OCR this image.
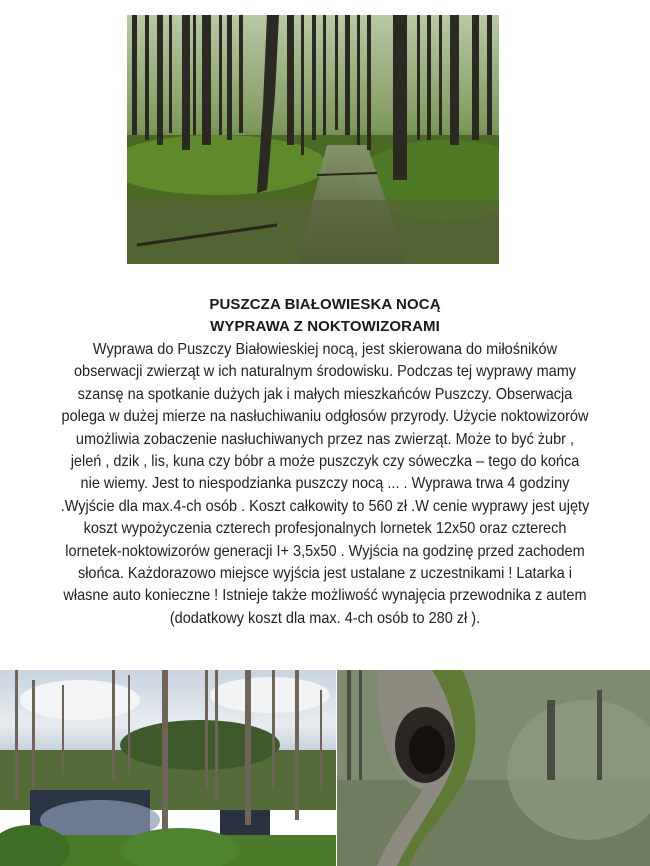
PUSZCZA BIAŁOWIESKA NOCĄ
WYPRAWA Z NOKTOWIZORAMI
Wyprawa do Puszczy Białowieskiej nocą, jest skierowana do miłośników
obserwacji zwierząt w ich naturalnym środowisku. Podczas tej wyprawy mamy
szansę na spotkanie dużych jak i małych mieszkańców Puszczy. Obserwacja
polega w dużej mierze na nasłuchiwaniu odgłosów przyrody. Użycie noktowizorów
umożliwia zobaczenie nasłuchiwanych przez nas zwierząt. Może to być żubr ,
jeleń , dzik , lis, kuna czy bóbr a może puszczyk czy sóweczka – tego do końca
nie wiemy. Jest to niespodzianka puszczy nocą ... . Wyprawa trwa 4 godziny
.Wyjście dla max.4-ch osób . Koszt całkowity to 560 zł .W cenie wyprawy jest ujęty
koszt wypożyczenia czterech profesjonalnych lornetek 12x50 oraz czterech
lornetek-noktowizorów generacji I+ 3,5x50 . Wyjścia na godzinę przed zachodem
słońca. Każdorazowo miejsce wyjścia jest ustalane z uczestnikami ! Latarka i
własne auto konieczne ! Istnieje także możliwość wynajęcia przewodnika z autem
(dodatkowy koszt dla max. 4-ch osób to 280 zł ).
